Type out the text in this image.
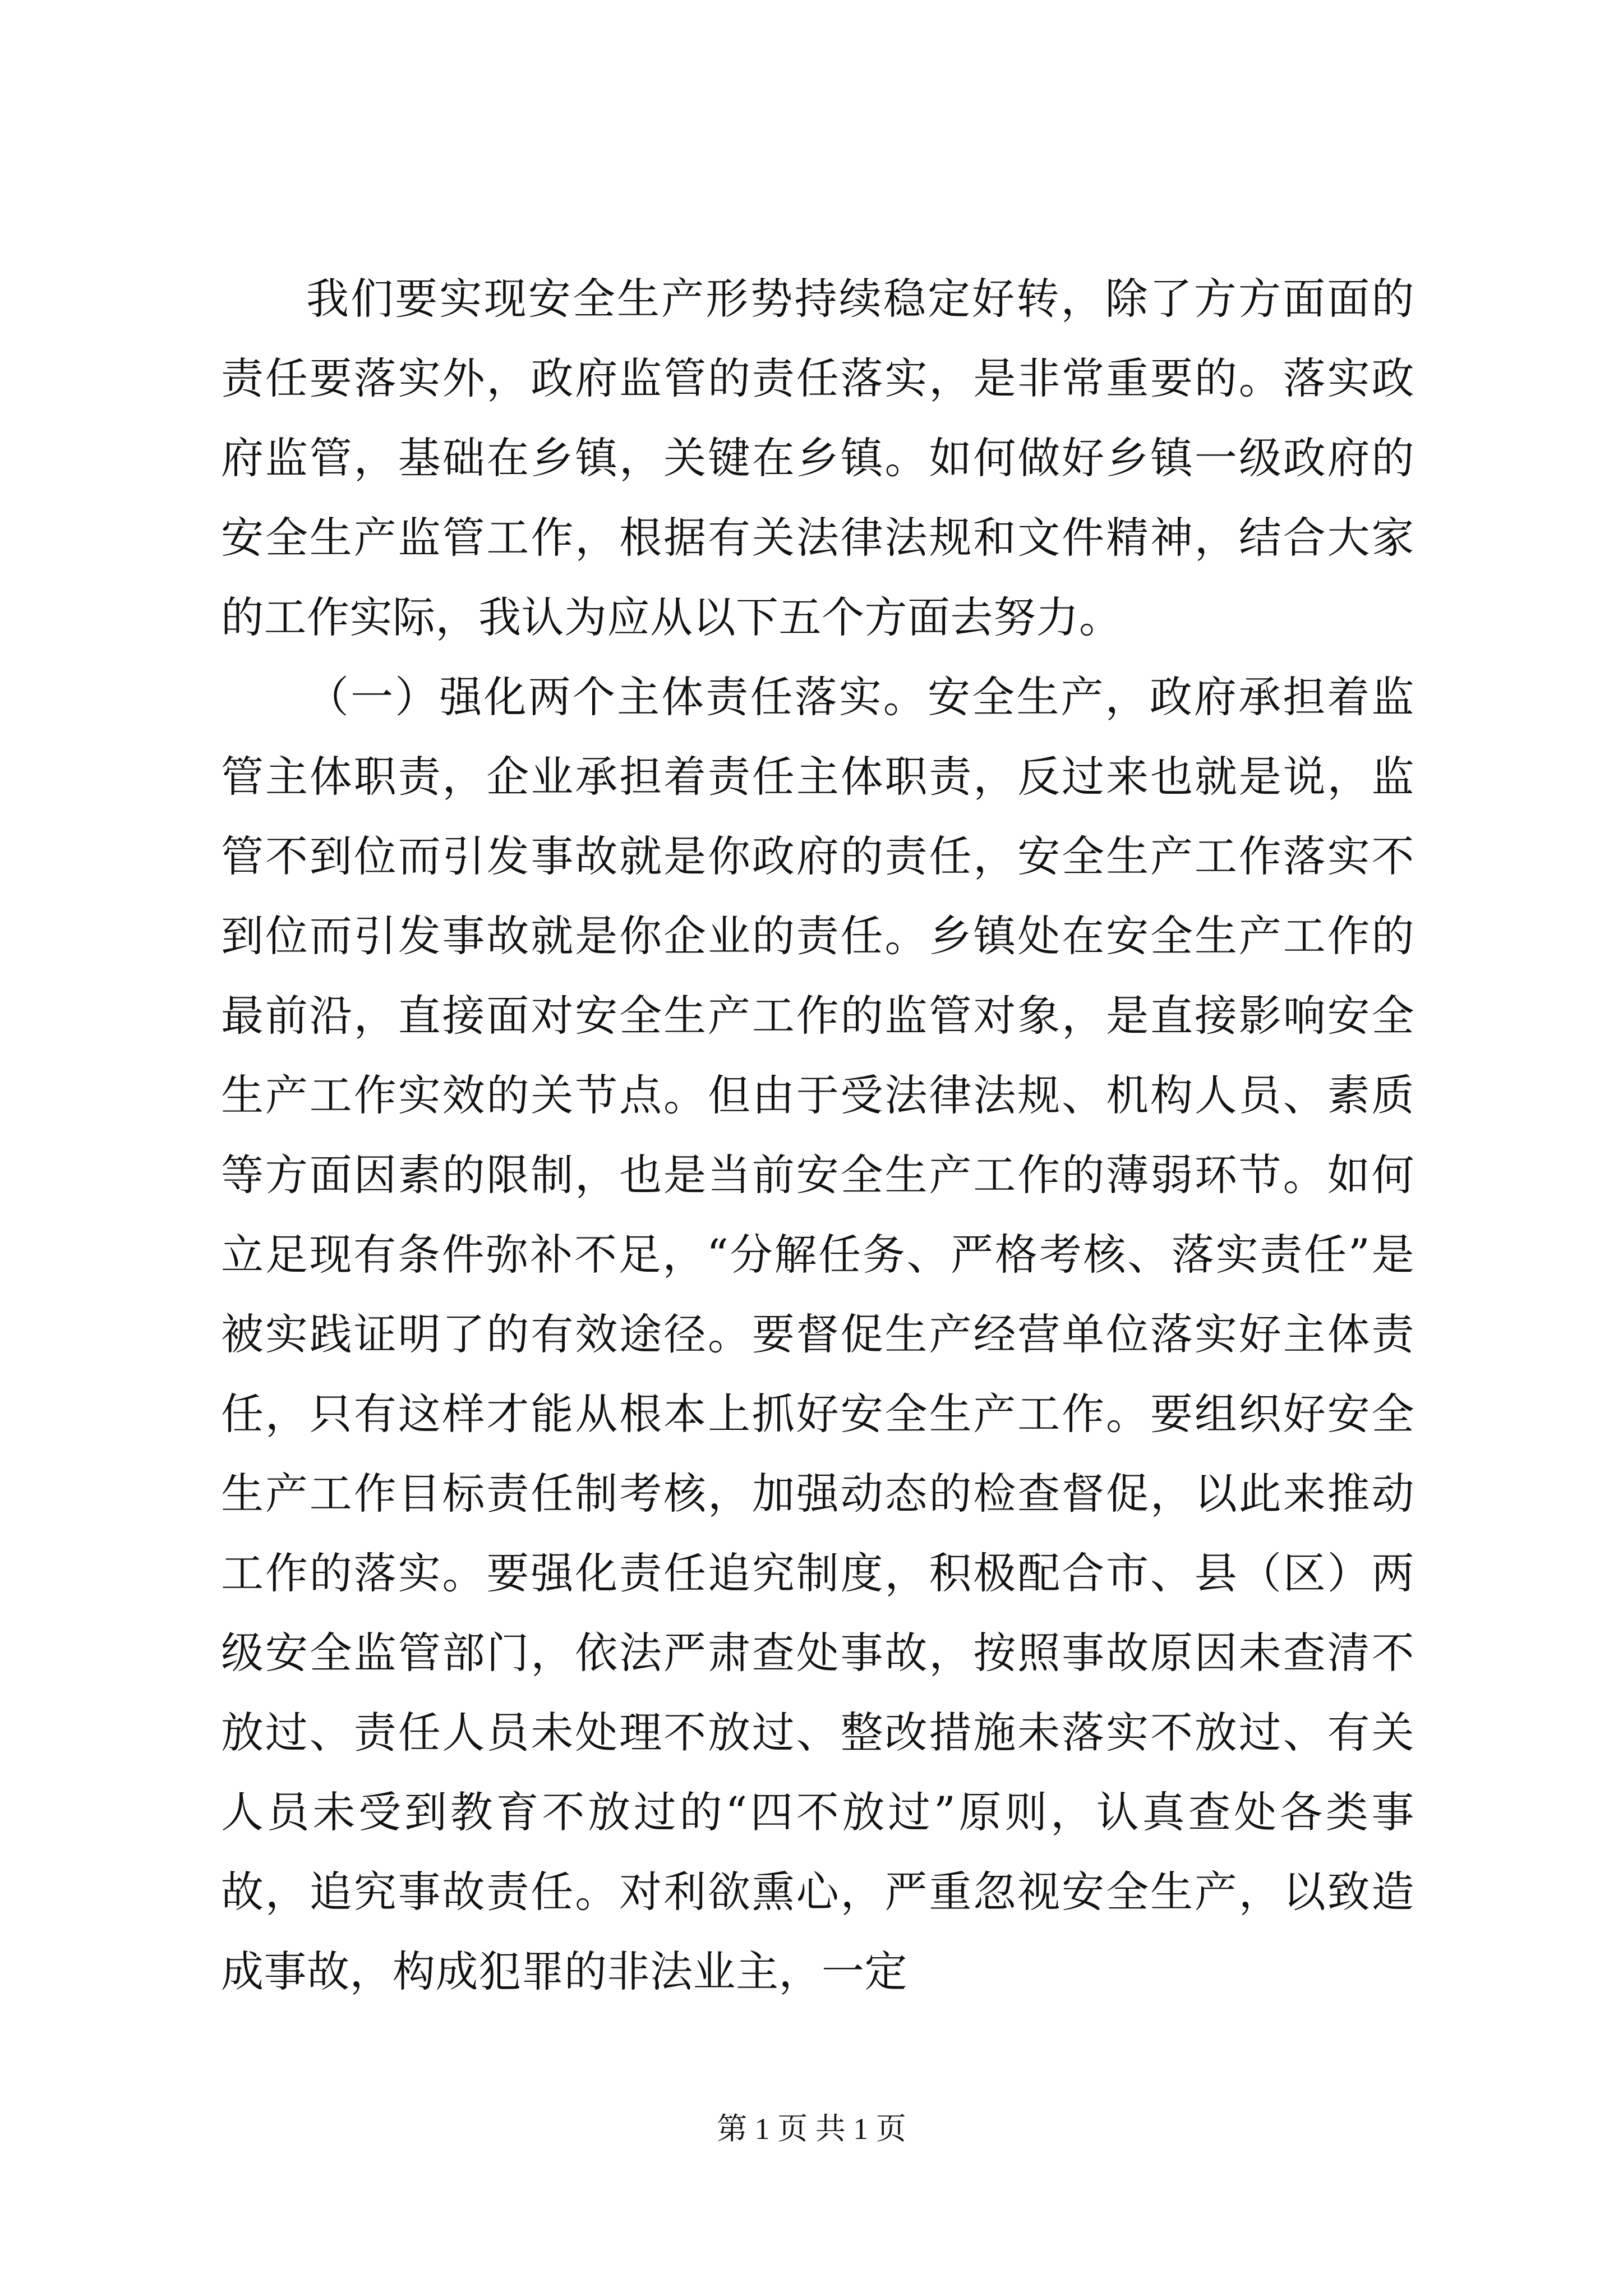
我们要实现安全生产形势持续稳定好转，除了方方面面的责任要落实外，政府监管的责任落实，是非常重要的。落实政府监管，基础在乡镇，关键在乡镇。如何做好乡镇一级政府的安全生产监管工作，根据有关法律法规和文件精神，结合大家的工作实际，我认为应从以下五个方面去努力。

（一）强化两个主体责任落实。安全生产，政府承担着监管主体职责，企业承担着责任主体职责，反过来也就是说，监管不到位而引发事故就是你政府的责任，安全生产工作落实不到位而引发事故就是你企业的责任。乡镇处在安全生产工作的最前沿，直接面对安全生产工作的监管对象，是直接影响安全生产工作实效的关节点。但由于受法律法规、机构人员、素质等方面因素的限制，也是当前安全生产工作的薄弱环节。如何立足现有条件弥补不足，“分解任务、严格考核、落实责任”是被实践证明了的有效途径。要督促生产经营单位落实好主体责任，只有这样才能从根本上抓好安全生产工作。要组织好安全生产工作目标责任制考核，加强动态的检查督促，以此来推动工作的落实。要强化责任追究制度，积极配合市、县（区）两级安全监管部门，依法严肃查处事故，按照事故原因未查清不放过、责任人员未处理不放过、整改措施未落实不放过、有关人员未受到教育不放过的“四不放过”原则，认真查处各类事故，追究事故责任。对利欲熏心，严重忽视安全生产，以致造成事故，构成犯罪的非法业主，一定

第 1 页 共 1 页
